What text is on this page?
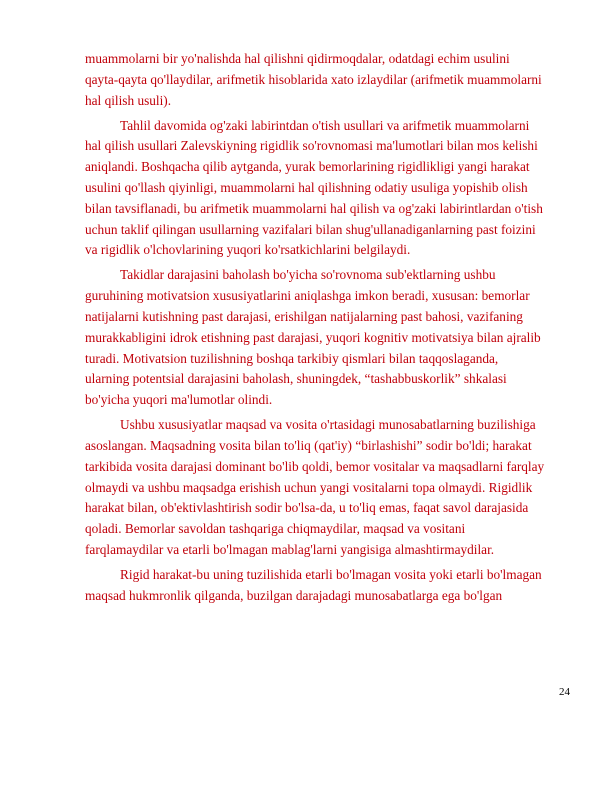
muammolarni bir yo'nalishda hal qilishni qidirmoqdalar, odatdagi echim usulini
qayta-qayta qo'llaydilar, arifmetik hisoblarida xato izlaydilar (arifmetik muammolarni
hal qilish usuli).

Tahlil davomida og'zaki labirintdan o'tish usullari va arifmetik muammolarni
hal qilish usullari Zalevskiyning rigidlik so'rovnomasi ma'lumotlari bilan mos kelishi
aniqlandi. Boshqacha qilib aytganda, yurak bemorlarining rigidlikligi yangi harakat
usulini qo'llash qiyinligi, muammolarni hal qilishning odatiy usuliga yopishib olish
bilan tavsiflanadi, bu arifmetik muammolarni hal qilish va og'zaki labirintlardan o'tish
uchun taklif qilingan usullarning vazifalari bilan shug'ullanadiganlarning past foizini
va rigidlik o'lchovlarining yuqori ko'rsatkichlarini belgilaydi.

Takidlar darajasini baholash bo'yicha so'rovnoma sub'ektlarning ushbu
guruhining motivatsion xususiyatlarini aniqlashga imkon beradi, xususan: bemorlar
natijalarni kutishning past darajasi, erishilgan natijalarning past bahosi, vazifaning
murakkabligini idrok etishning past darajasi, yuqori kognitiv motivatsiya bilan ajralib
turadi. Motivatsion tuzilishning boshqa tarkibiy qismlari bilan taqqoslaganda,
ularning potentsial darajasini baholash, shuningdek, “tashabbuskorlik” shkalasi
bo'yicha yuqori ma'lumotlar olindi.

Ushbu xususiyatlar maqsad va vosita o'rtasidagi munosabatlarning buzilishiga
asoslangan. Maqsadning vosita bilan to'liq (qat'iy) “birlashishi” sodir bo'ldi; harakat
tarkibida vosita darajasi dominant bo'lib qoldi, bemor vositalar va maqsadlarni farqlay
olmaydi va ushbu maqsadga erishish uchun yangi vositalarni topa olmaydi. Rigidlik
harakat bilan, ob'ektivlashtirish sodir bo'lsa-da, u to'liq emas, faqat savol darajasida
qoladi. Bemorlar savoldan tashqariga chiqmaydilar, maqsad va vositani
farqlamaydilar va etarli bo'lmagan mablag'larni yangisiga almashtirmaydilar.

Rigid harakat-bu uning tuzilishida etarli bo'lmagan vosita yoki etarli bo'lmagan
maqsad hukmronlik qilganda, buzilgan darajadagi munosabatlarga ega bo'lgan

24
